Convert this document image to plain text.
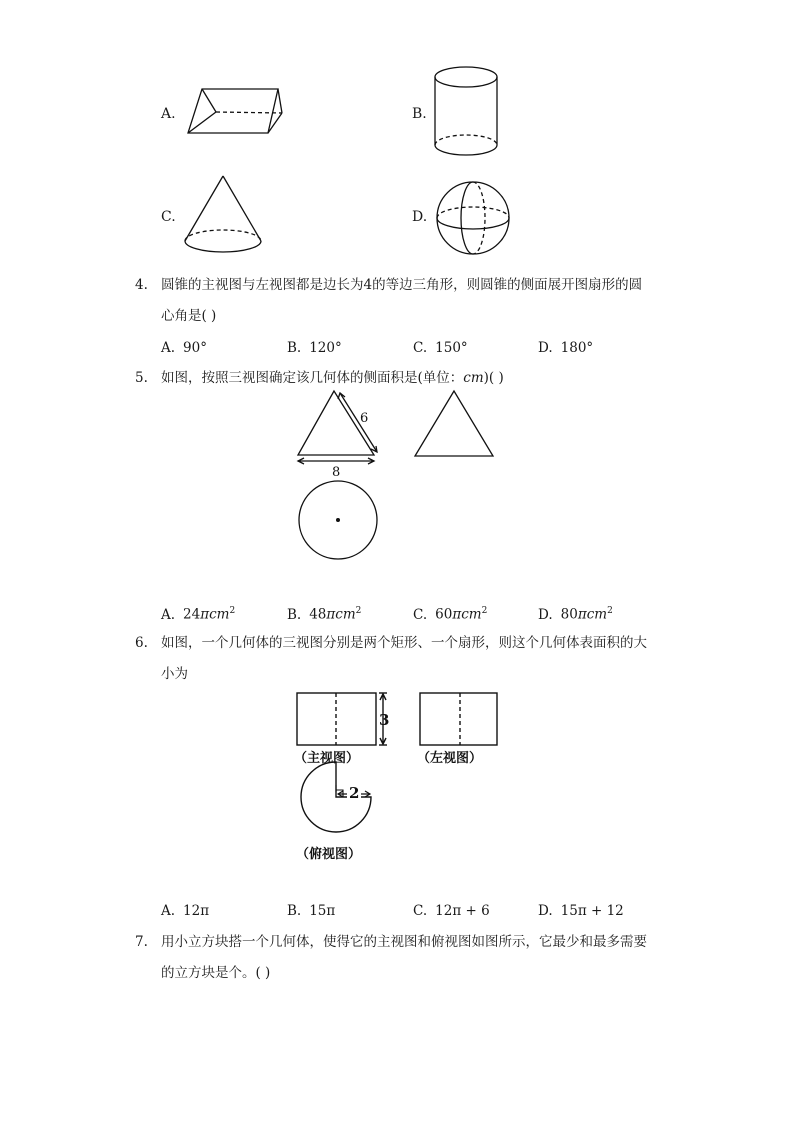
A.	B.
C.	D.
4. 圆锥的主视图与左视图都是边长为4的等边三角形，则圆锥的侧面展开图扇形的圆
心角是( )
A. 90°	B. 120°	C. 150°	D. 180°
5. 如图，按照三视图确定该几何体的侧面积是(单位：cm)( )
6
8
A. 24πcm$^2$	B. 48πcm$^2$	C. 60πcm$^2$	D. 80πcm$^2$
6. 如图，一个几何体的三视图分别是两个矩形、一个扇形，则这个几何体表面积的大
小为
3
2
（主视图）	（左视图）
（俯视图）
A. 12π	B. 15π	C. 12π + 6	D. 15π + 12
7. 用小立方块搭一个几何体，使得它的主视图和俯视图如图所示，它最少和最多需要
的立方块是个。( )
